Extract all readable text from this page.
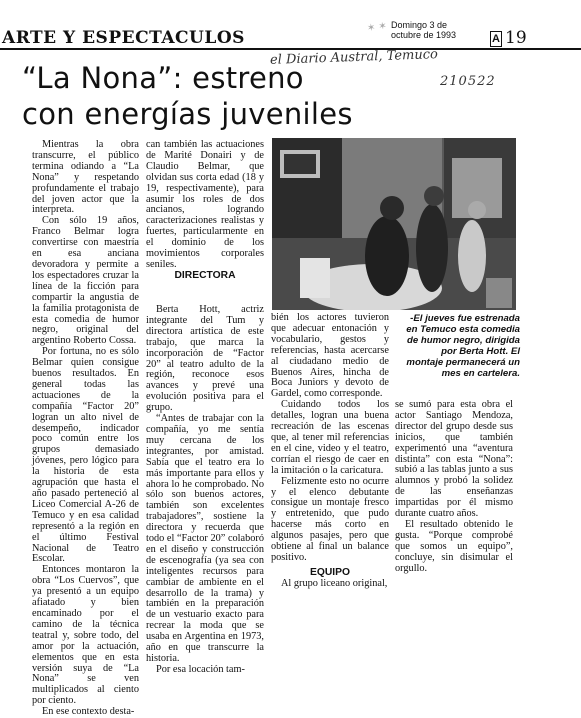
ARTE Y ESPECTACULOS
✶ ✶ Domingo 3 de
octubre de 1993	A 19
el Diario Austral, Temuco
210522
“La Nona”: estreno
con energías juveniles

-El jueves fue estrenada en Temuco esta comedia de humor negro, dirigida por Berta Hott. El montaje permanecerá un mes en cartelera.

Mientras la obra transcurre, el público termina odiando a “La Nona” y respetando profundamente el trabajo del joven actor que la interpreta.

Con sólo 19 años, Franco Belmar logra convertirse con maestría en esa anciana devoradora y permite a los espectadores cruzar la línea de la ficción para compartir la angustia de la familia protagonista de esta comedia de humor negro, original del argentino Roberto Cossa.

Por fortuna, no es sólo Belmar quien consigue buenos resultados. En general todas las actuaciones de la compañía “Factor 20” logran un alto nivel de desempeño, indicador poco común entre los grupos demasiado jóvenes, pero lógico para la historia de esta agrupación que hasta el año pasado perteneció al Liceo Comercial A-26 de Temuco y en esa calidad representó a la región en el último Festival Nacional de Teatro Escolar.

Entonces montaron la obra “Los Cuervos”, que ya presentó a un equipo afiatado y bien encaminado por el camino de la técnica teatral y, sobre todo, del amor por la actuación, elementos que en esta versión suya de “La Nona” se ven multiplicados al ciento por ciento.

En ese contexto desta-

can también las actuaciones de Marité Donairi y de Claudio Belmar, que olvidan sus corta edad (18 y 19, respectivamente), para asumir los roles de dos ancianos, logrando caracterizaciones realistas y fuertes, particularmente en el dominio de los movimientos corporales seniles.

DIRECTORA

Berta Hott, actriz integrante del Tum y directora artística de este trabajo, que marca la incorporación de “Factor 20” al teatro adulto de la región, reconoce esos avances y prevé una evolución positiva para el grupo.

“Antes de trabajar con la compañía, yo me sentía muy cercana de los integrantes, por amistad. Sabía que el teatro era lo más importante para ellos y ahora lo he comprobado. No sólo son buenos actores, también son excelentes trabajadores”, sostiene la directora y recuerda que todo el “Factor 20” colaboró en el diseño y construcción de escenografía (ya sea con inteligentes recursos para cambiar de ambiente en el desarrollo de la trama) y también en la preparación de un vestuario exacto para recrear la moda que se usaba en Argentina en 1973, año en que transcurre la historia.

Por esa locación tam-

bién los actores tuvieron que adecuar entonación y vocabulario, gestos y referencias, hasta acercarse al ciudadano medio de Buenos Aires, hincha de Boca Juniors y devoto de Gardel, como corresponde.

Cuidando todos los detalles, logran una buena recreación de las escenas que, al tener mil referencias en el cine, video y el teatro, corrían el riesgo de caer en la imitación o la caricatura.

Felizmente esto no ocurre y el elenco debutante consigue un montaje fresco y entretenido, que pudo hacerse más corto en algunos pasajes, pero que obtiene al final un balance positivo.

EQUIPO

Al grupo liceano original,

se sumó para esta obra el actor Santiago Mendoza, director del grupo desde sus inicios, que también experimentó una “aventura distinta” con esta “Nona”: subió a las tablas junto a sus alumnos y probó la solidez de las enseñanzas impartidas por él mismo durante cuatro años.

El resultado obtenido le gusta. “Porque comprobé que somos un equipo”, concluye, sin disimular el orgullo.
